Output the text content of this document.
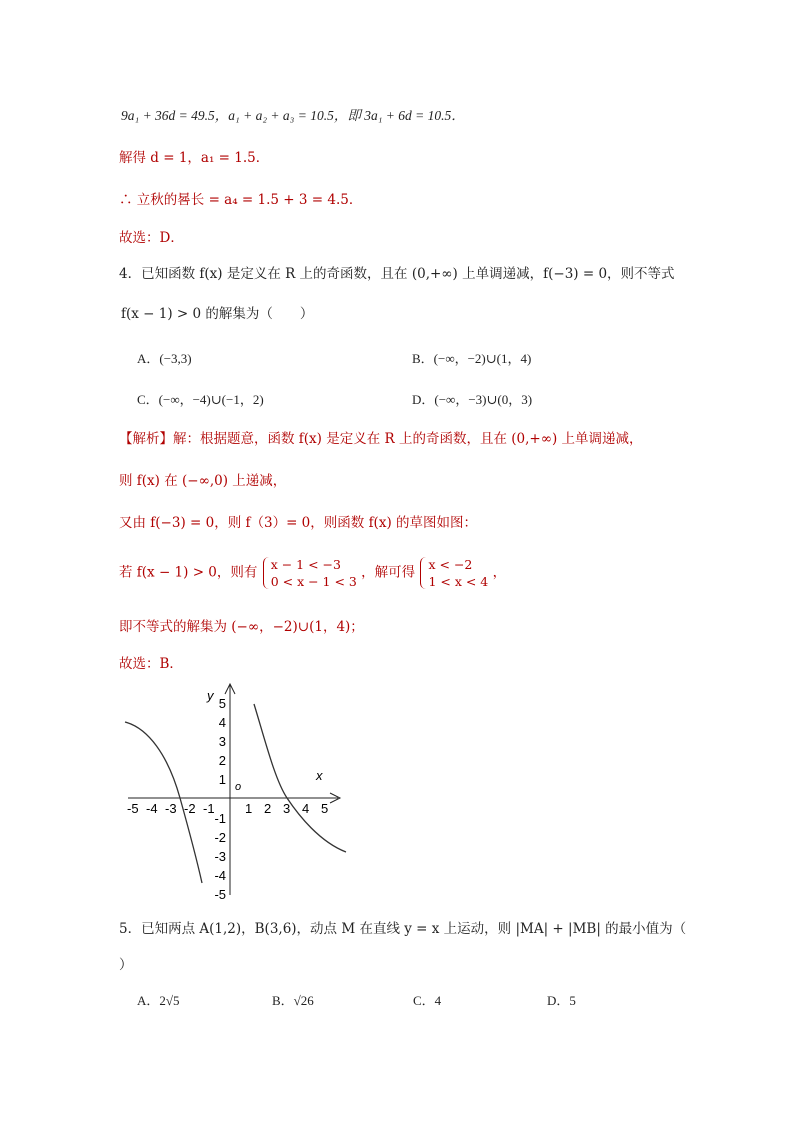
9a₁ + 36d = 49.5，a₁ + a₂ + a₃ = 10.5，即 3a₁ + 6d = 10.5．
解得 d = 1，a₁ = 1.5．
∴ 立秋的晷长 = a₄ = 1.5 + 3 = 4.5．
故选：D．
4．已知函数 f(x) 是定义在 R 上的奇函数，且在 (0,+∞) 上单调递减，f(−3) = 0，则不等式
f(x − 1) > 0 的解集为（　　）
A．(−3,3)	B．(−∞，−2)∪(1，4)
C．(−∞，−4)∪(−1，2)	D．(−∞，−3)∪(0，3)
【解析】解：根据题意，函数 f(x) 是定义在 R 上的奇函数，且在 (0,+∞) 上单调递减，
则 f(x) 在 (−∞,0) 上递减，
又由 f(−3) = 0，则 f（3）= 0，则函数 f(x) 的草图如图：
若 f(x − 1) > 0，则有 x − 1 < −3
0 < x − 1 < 3
，解可得 x < −2
1 < x < 4
，
即不等式的解集为 (−∞，−2)∪(1，4)；
故选：B．
y
x
o
-5 -4 -3 -2 -1 1 2 3 4 5
5
4
3
2
1
-1
-2
-3
-4
-5
5．已知两点 A(1,2)，B(3,6)，动点 M 在直线 y = x 上运动，则 |MA| + |MB| 的最小值为（
）
A．2√5	B．√26	C．4	D．5
